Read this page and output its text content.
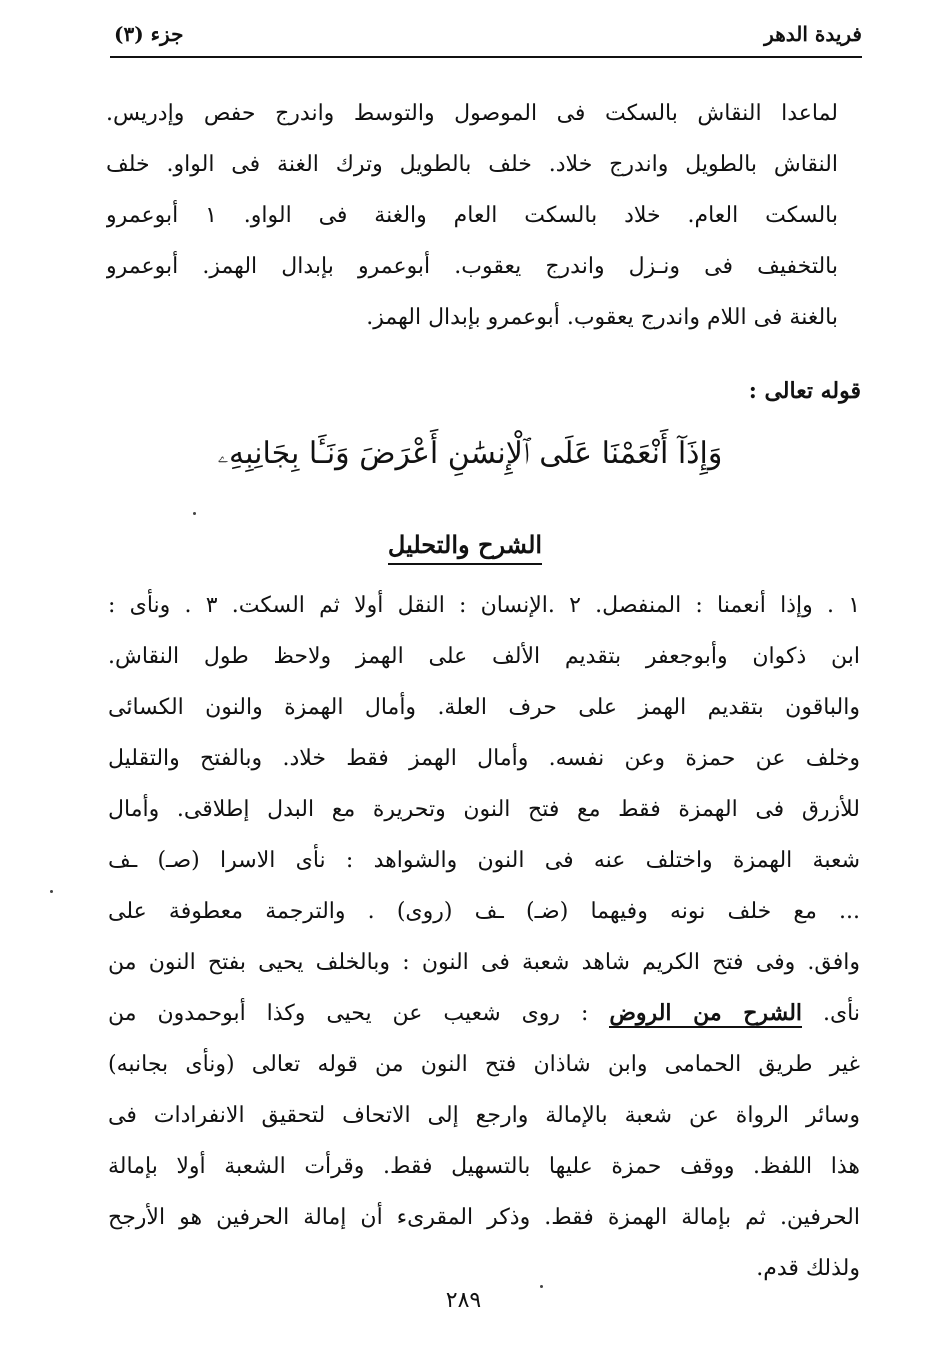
فريدة الدهر
جزء (٣)
لماعدا النقاش بالسكت فى الموصول والتوسط واندرج حفص وإدريس.
النقاش بالطويل واندرج خلاد. خلف بالطويل وترك الغنة فى الواو. خلف
بالسكت العام. خلاد بالسكت العام والغنة فى الواو. ١ أبوعمرو
بالتخفيف فى ونـزل واندرج يعقوب. أبوعمرو بإبدال الهمز. أبوعمرو
بالغنة فى اللام واندرج يعقوب. أبوعمرو بإبدال الهمز.
قوله تعالى :
وَإِذَآ أَنْعَمْنَا عَلَى ٱلْإِنسَٰنِ أَعْرَضَ وَنَـَٔا بِجَانِبِهِۦ
الشرح والتحليل
١ . وإذا أنعمنا : المنفصل. ٢ .الإنسان : النقل أولا ثم السكت. ٣ . ونأى :
ابن ذكوان وأبوجعفر بتقديم الألف على الهمز ولاحظ طول النقاش.
والباقون بتقديم الهمز على حرف العلة. وأمال الهمزة والنون الكسائى
وخلف عن حمزة وعن نفسه. وأمال الهمز فقط خلاد. وبالفتح والتقليل
للأزرق فى الهمزة فقط مع فتح النون وتحريرة مع البدل إطلاقى. وأمال
شعبة الهمزة واختلف عنه فى النون والشواهد : نأى الاسرا (صـ) ـف
... مع خلف نونه وفيهما (ضـ) ـف (روى) . والترجمة معطوفة على
وافق. وفى فتح الكريم شاهد شعبة فى النون : وبالخلف يحيى بفتح النون من
نأى. الشرح من الروض : روى شعيب عن يحيى وكذا أبوحمدون من
غير طريق الحمامى وابن شاذان فتح النون من قوله تعالى (ونأى بجانبه)
وسائر الرواة عن شعبة بالإمالة وارجع إلى الاتحاف لتحقيق الانفرادات فى
هذا اللفظ. ووقف حمزة عليها بالتسهيل فقط. وقرأت الشعبة أولا بإمالة
الحرفين. ثم بإمالة الهمزة فقط. وذكر المقرىء أن إمالة الحرفين هو الأرجح
ولذلك قدم.
٢٨٩
